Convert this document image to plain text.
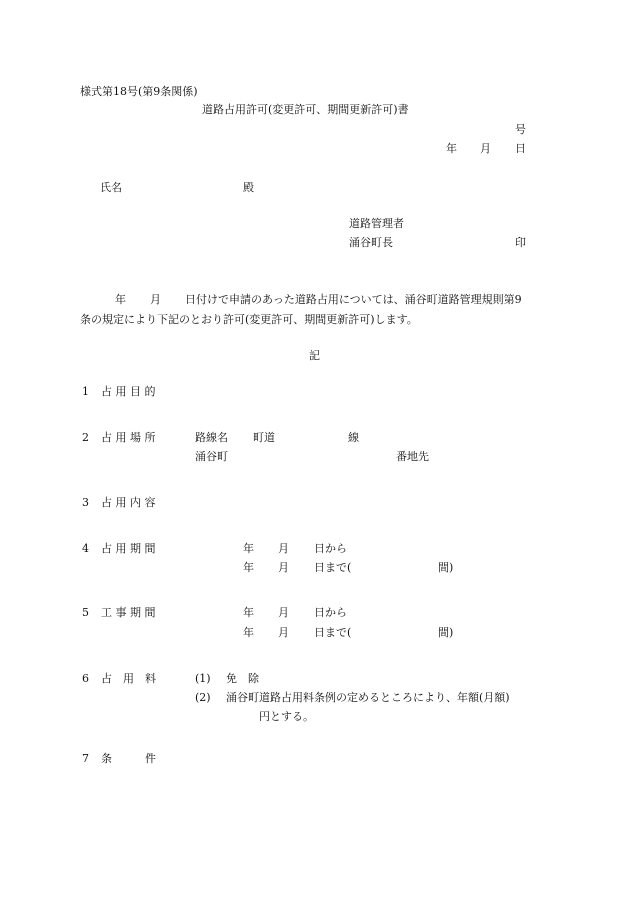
様式第18号(第9条関係)
道路占用許可(変更許可、期間更新許可)書
号
年 月 日
氏名	殿
道路管理者
涌谷町長	印
年 月 日付けで申請のあった道路占用については、涌谷町道路管理規則第9
条の規定により下記のとおり許可(変更許可、期間更新許可)します。
記
1 占 用 目 的
2 占 用 場 所	路線名 町道	線
涌谷町	番地先
3 占 用 内 容
4 占 用 期 間	年 月 日から
年 月 日まで(	間)
5 工 事 期 間	年 月 日から
年 月 日まで(	間)
6 占　用　料	(1) 免　除
(2) 涌谷町道路占用料条例の定めるところにより、年額(月額)
円とする。
7 条　　　件
